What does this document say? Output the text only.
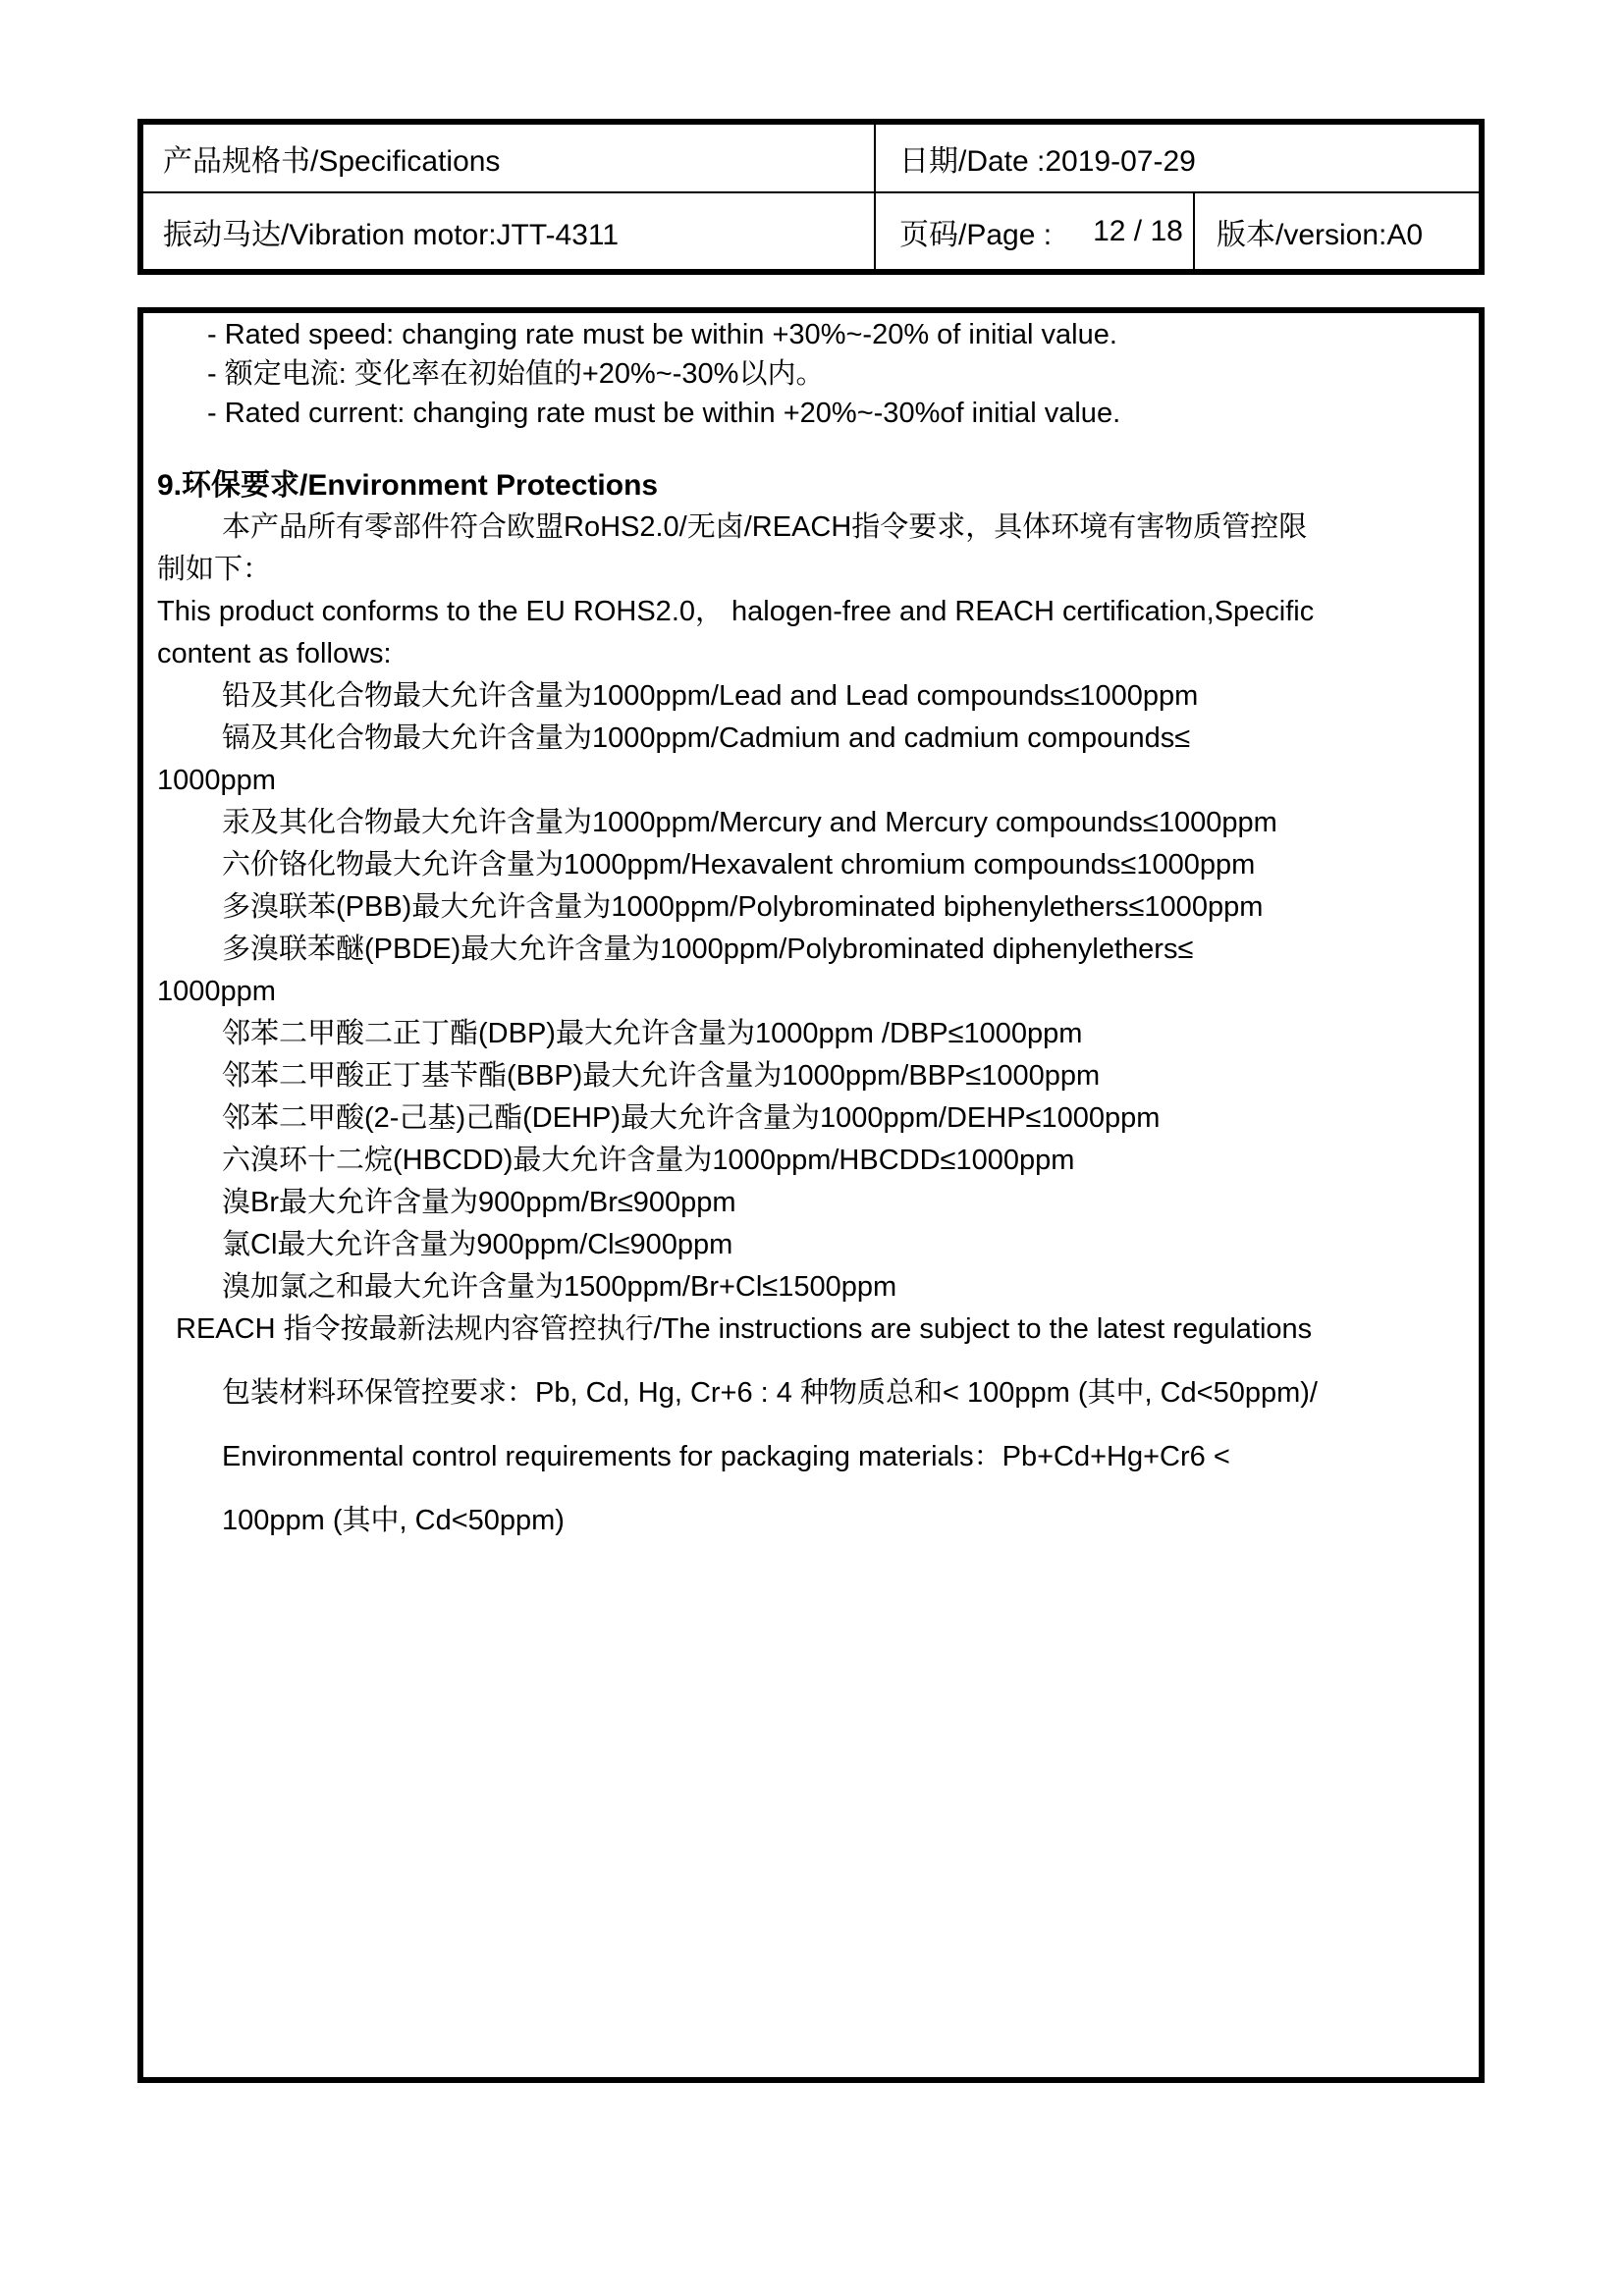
产品规格书/Specifications	日期/Date :2019-07-29
振动马达/Vibration motor:JTT-4311	页码/Page : 12 / 18 版本/version:A0
- Rated speed: changing rate must be within +30%~-20% of initial value.
- 额定电流: 变化率在初始值的+20%~-30%以内。
- Rated current: changing rate must be within +20%~-30%of initial value.
9.环保要求/Environment Protections
本产品所有零部件符合欧盟RoHS2.0/无卤/REACH指令要求，具体环境有害物质管控限
制如下：
This product conforms to the EU ROHS2.0， halogen-free and REACH certification,Specific
content as follows:
铅及其化合物最大允许含量为1000ppm/Lead and Lead compounds≤1000ppm
镉及其化合物最大允许含量为1000ppm/Cadmium and cadmium compounds≤
1000ppm
汞及其化合物最大允许含量为1000ppm/Mercury and Mercury compounds≤1000ppm
六价铬化物最大允许含量为1000ppm/Hexavalent chromium compounds≤1000ppm
多溴联苯(PBB)最大允许含量为1000ppm/Polybrominated biphenylethers≤1000ppm
多溴联苯醚(PBDE)最大允许含量为1000ppm/Polybrominated diphenylethers≤
1000ppm
邻苯二甲酸二正丁酯(DBP)最大允许含量为1000ppm /DBP≤1000ppm
邻苯二甲酸正丁基苄酯(BBP)最大允许含量为1000ppm/BBP≤1000ppm
邻苯二甲酸(2-己基)己酯(DEHP)最大允许含量为1000ppm/DEHP≤1000ppm
六溴环十二烷(HBCDD)最大允许含量为1000ppm/HBCDD≤1000ppm
溴Br最大允许含量为900ppm/Br≤900ppm
氯Cl最大允许含量为900ppm/Cl≤900ppm
溴加氯之和最大允许含量为1500ppm/Br+Cl≤1500ppm
REACH 指令按最新法规内容管控执行/The instructions are subject to the latest regulations
包装材料环保管控要求：Pb, Cd, Hg, Cr+6 : 4 种物质总和< 100ppm (其中, Cd<50ppm)/
Environmental control requirements for packaging materials：Pb+Cd+Hg+Cr6 <
100ppm (其中, Cd<50ppm)
